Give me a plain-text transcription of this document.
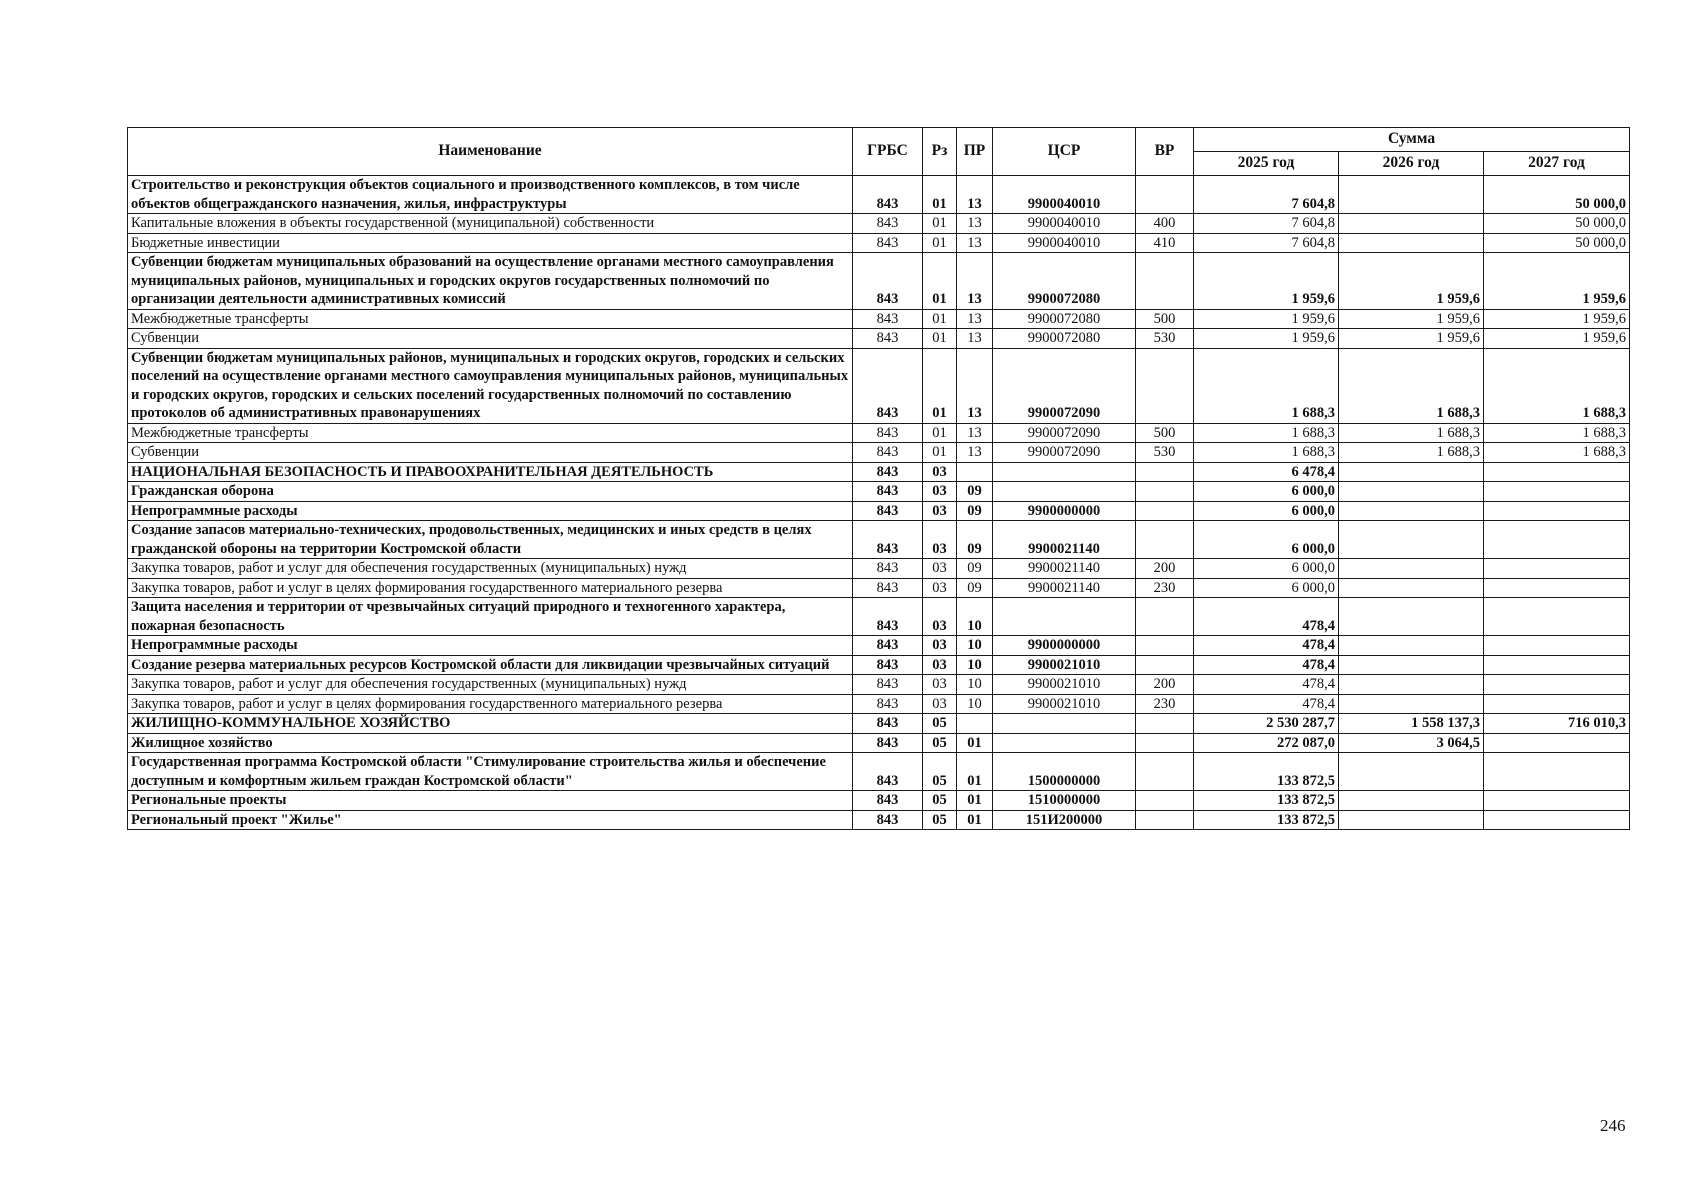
Наименование	ГРБС	Рз	ПР	ЦСР	ВР	Сумма		
						2025 год	2026 год	2027 год
Строительство и реконструкция объектов социального и производственного комплексов, в том числе объектов общегражданского назначения, жилья, инфраструктуры	843	01	13	9900040010		7 604,8		50 000,0
Капитальные вложения в объекты государственной (муниципальной) собственности	843	01	13	9900040010	400	7 604,8		50 000,0
Бюджетные инвестиции	843	01	13	9900040010	410	7 604,8		50 000,0
Субвенции бюджетам муниципальных образований на осуществление органами местного самоуправления муниципальных районов, муниципальных и городских округов государственных полномочий по организации деятельности административных комиссий	843	01	13	9900072080		1 959,6	1 959,6	1 959,6
Межбюджетные трансферты	843	01	13	9900072080	500	1 959,6	1 959,6	1 959,6
Субвенции	843	01	13	9900072080	530	1 959,6	1 959,6	1 959,6
Субвенции бюджетам муниципальных районов, муниципальных и городских округов, городских и сельских поселений на осуществление органами местного самоуправления муниципальных районов, муниципальных и городских округов, городских и сельских поселений государственных полномочий по составлению протоколов об административных правонарушениях	843	01	13	9900072090		1 688,3	1 688,3	1 688,3
Межбюджетные трансферты	843	01	13	9900072090	500	1 688,3	1 688,3	1 688,3
Субвенции	843	01	13	9900072090	530	1 688,3	1 688,3	1 688,3
НАЦИОНАЛЬНАЯ БЕЗОПАСНОСТЬ И ПРАВООХРАНИТЕЛЬНАЯ ДЕЯТЕЛЬНОСТЬ	843	03				6 478,4		
Гражданская оборона	843	03	09			6 000,0		
Непрограммные расходы	843	03	09	9900000000		6 000,0		
Создание запасов материально-технических, продовольственных, медицинских и иных средств в целях гражданской обороны на территории Костромской области	843	03	09	9900021140		6 000,0		
Закупка товаров, работ и услуг для обеспечения государственных (муниципальных) нужд	843	03	09	9900021140	200	6 000,0		
Закупка товаров, работ и услуг в целях формирования государственного материального резерва	843	03	09	9900021140	230	6 000,0		
Защита населения и территории от чрезвычайных ситуаций природного и техногенного характера, пожарная безопасность	843	03	10			478,4		
Непрограммные расходы	843	03	10	9900000000		478,4		
Создание резерва материальных ресурсов Костромской области для ликвидации чрезвычайных ситуаций	843	03	10	9900021010		478,4		
Закупка товаров, работ и услуг для обеспечения государственных (муниципальных) нужд	843	03	10	9900021010	200	478,4		
Закупка товаров, работ и услуг в целях формирования государственного материального резерва	843	03	10	9900021010	230	478,4		
ЖИЛИЩНО-КОММУНАЛЬНОЕ ХОЗЯЙСТВО	843	05				2 530 287,7	1 558 137,3	716 010,3
Жилищное хозяйство	843	05	01			272 087,0	3 064,5	
Государственная программа Костромской области "Стимулирование строительства жилья и обеспечение доступным и комфортным жильем граждан Костромской области"	843	05	01	1500000000		133 872,5		
Региональные проекты	843	05	01	1510000000		133 872,5		
Региональный проект "Жилье"	843	05	01	151И200000		133 872,5		
246
